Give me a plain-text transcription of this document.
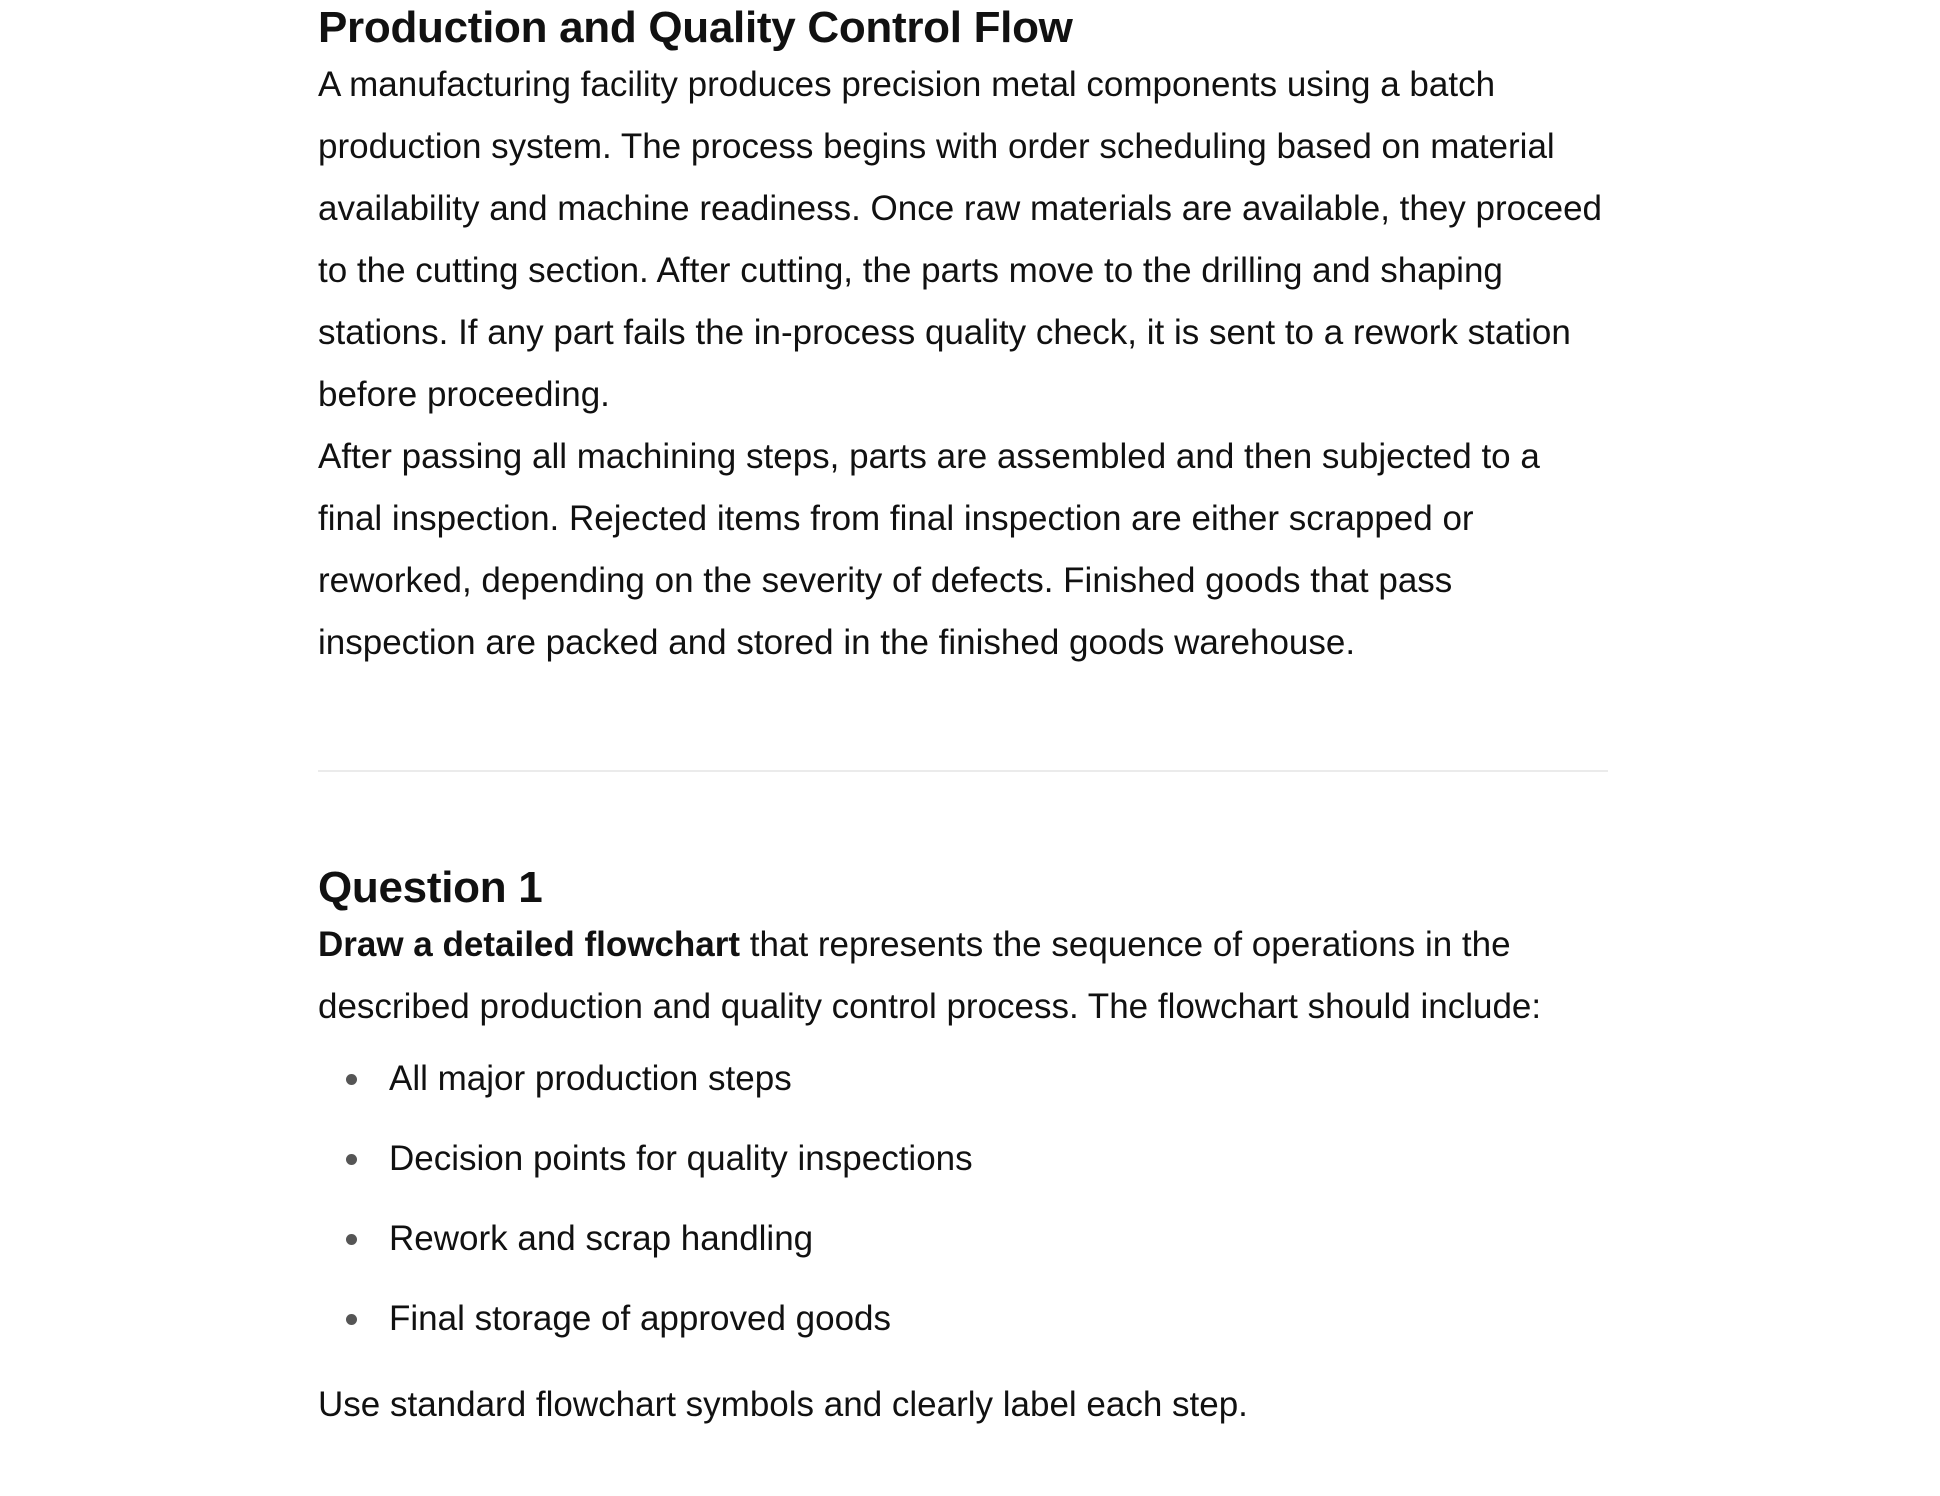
Production and Quality Control Flow

A manufacturing facility produces precision metal components using a batch production system. The process begins with order scheduling based on material availability and machine readiness. Once raw materials are available, they proceed to the cutting section. After cutting, the parts move to the drilling and shaping stations. If any part fails the in-process quality check, it is sent to a rework station before proceeding.

After passing all machining steps, parts are assembled and then subjected to a final inspection. Rejected items from final inspection are either scrapped or reworked, depending on the severity of defects. Finished goods that pass inspection are packed and stored in the finished goods warehouse.

Question 1

Draw a detailed flowchart that represents the sequence of operations in the described production and quality control process. The flowchart should include:

All major production steps
Decision points for quality inspections
Rework and scrap handling
Final storage of approved goods

Use standard flowchart symbols and clearly label each step.
